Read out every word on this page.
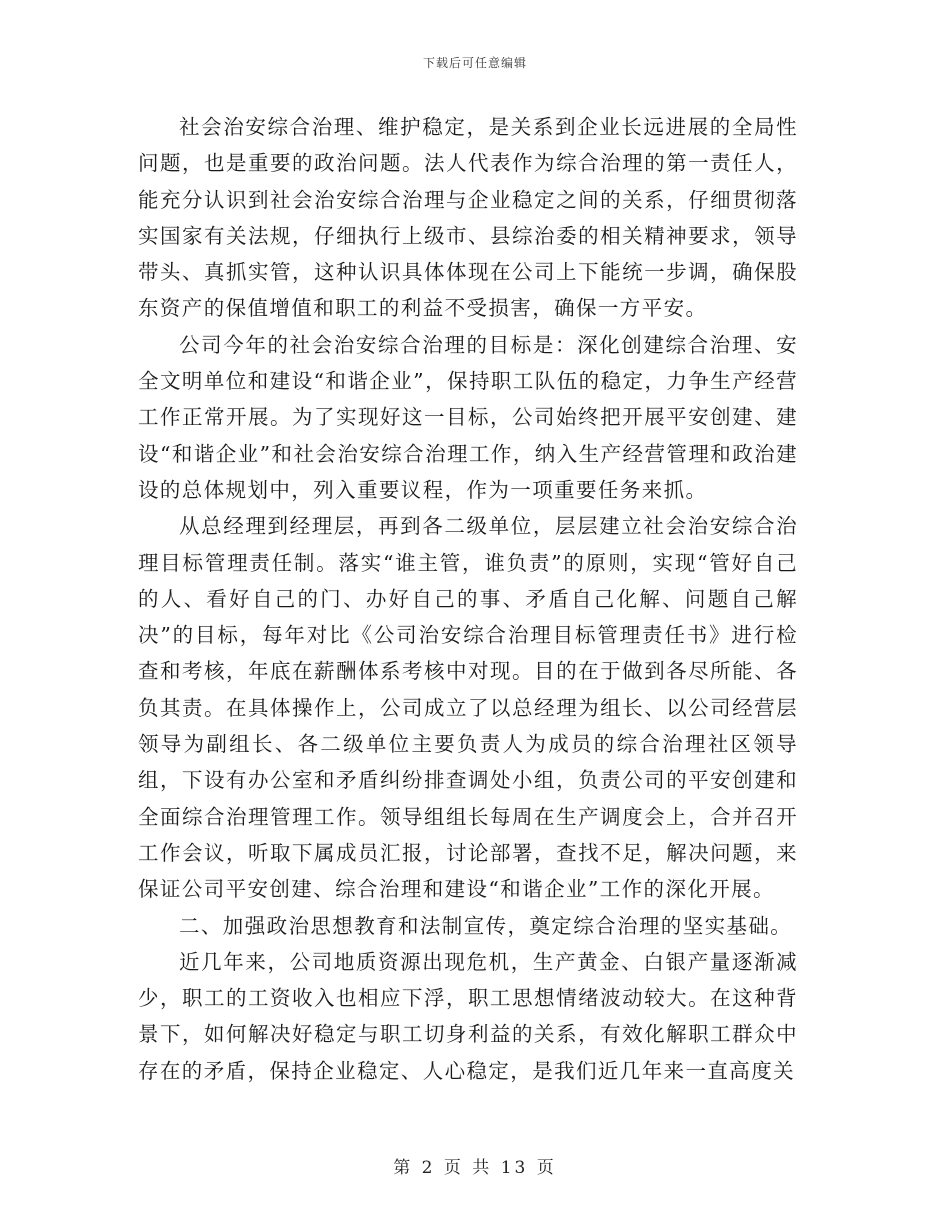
下载后可任意编辑

社会治安综合治理、维护稳定，是关系到企业长远进展的全局性问题，也是重要的政治问题。法人代表作为综合治理的第一责任人，能充分认识到社会治安综合治理与企业稳定之间的关系，仔细贯彻落实国家有关法规，仔细执行上级市、县综治委的相关精神要求，领导带头、真抓实管，这种认识具体体现在公司上下能统一步调，确保股东资产的保值增值和职工的利益不受损害，确保一方平安。

公司今年的社会治安综合治理的目标是：深化创建综合治理、安全文明单位和建设“和谐企业”，保持职工队伍的稳定，力争生产经营工作正常开展。为了实现好这一目标，公司始终把开展平安创建、建设“和谐企业”和社会治安综合治理工作，纳入生产经营管理和政治建设的总体规划中，列入重要议程，作为一项重要任务来抓。

从总经理到经理层，再到各二级单位，层层建立社会治安综合治理目标管理责任制。落实“谁主管，谁负责”的原则，实现“管好自己的人、看好自己的门、办好自己的事、矛盾自己化解、问题自己解决”的目标，每年对比《公司治安综合治理目标管理责任书》进行检查和考核，年底在薪酬体系考核中对现。目的在于做到各尽所能、各负其责。在具体操作上，公司成立了以总经理为组长、以公司经营层领导为副组长、各二级单位主要负责人为成员的综合治理社区领导组，下设有办公室和矛盾纠纷排查调处小组，负责公司的平安创建和全面综合治理管理工作。领导组组长每周在生产调度会上，合并召开工作会议，听取下属成员汇报，讨论部署，查找不足，解决问题，来保证公司平安创建、综合治理和建设“和谐企业”工作的深化开展。

二、加强政治思想教育和法制宣传，奠定综合治理的坚实基础。

近几年来，公司地质资源出现危机，生产黄金、白银产量逐渐减少，职工的工资收入也相应下浮，职工思想情绪波动较大。在这种背景下，如何解决好稳定与职工切身利益的关系，有效化解职工群众中存在的矛盾，保持企业稳定、人心稳定，是我们近几年来一直高度关

第 2 页 共 13 页
